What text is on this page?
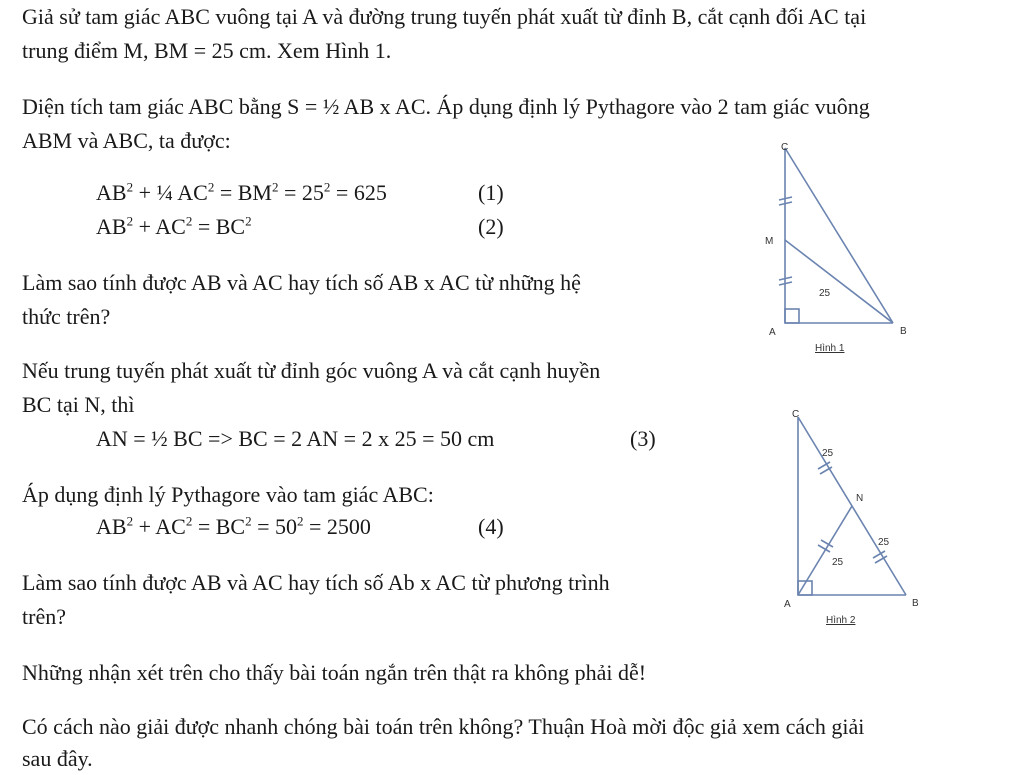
Giả sử tam giác ABC vuông tại A và đường trung tuyến phát xuất từ đỉnh B, cắt cạnh đối AC tại

trung điểm M, BM = 25 cm. Xem Hình 1.

Diện tích tam giác ABC bằng S = ½ AB x AC. Áp dụng định lý Pythagore vào 2 tam giác vuông

ABM và ABC, ta được:

$AB^2$ + ¼ $AC^2 = BM^2 = 25^2 = 625$	(1)
$AB^2 + AC^2 = BC^2$	(2)

Làm sao tính được AB và AC hay tích số AB x AC từ những hệ

thức trên?

Nếu trung tuyến phát xuất từ đỉnh góc vuông A và cắt cạnh huyền

BC tại N, thì

AN = ½ BC => BC = 2 AN = 2 x 25 = 50 cm	(3)

Áp dụng định lý Pythagore vào tam giác ABC:

$AB^2 + AC^2 = BC^2 = 50^2 = 2500$	(4)

Làm sao tính được AB và AC hay tích số Ab x AC từ phương trình

trên?

Những nhận xét trên cho thấy bài toán ngắn trên thật ra không phải dễ!

Có cách nào giải được nhanh chóng bài toán trên không? Thuận Hoà mời độc giả xem cách giải

sau đây.

C
M
A	B
25
Hình 1
C
N
A	B
25
25
25
Hình 2
